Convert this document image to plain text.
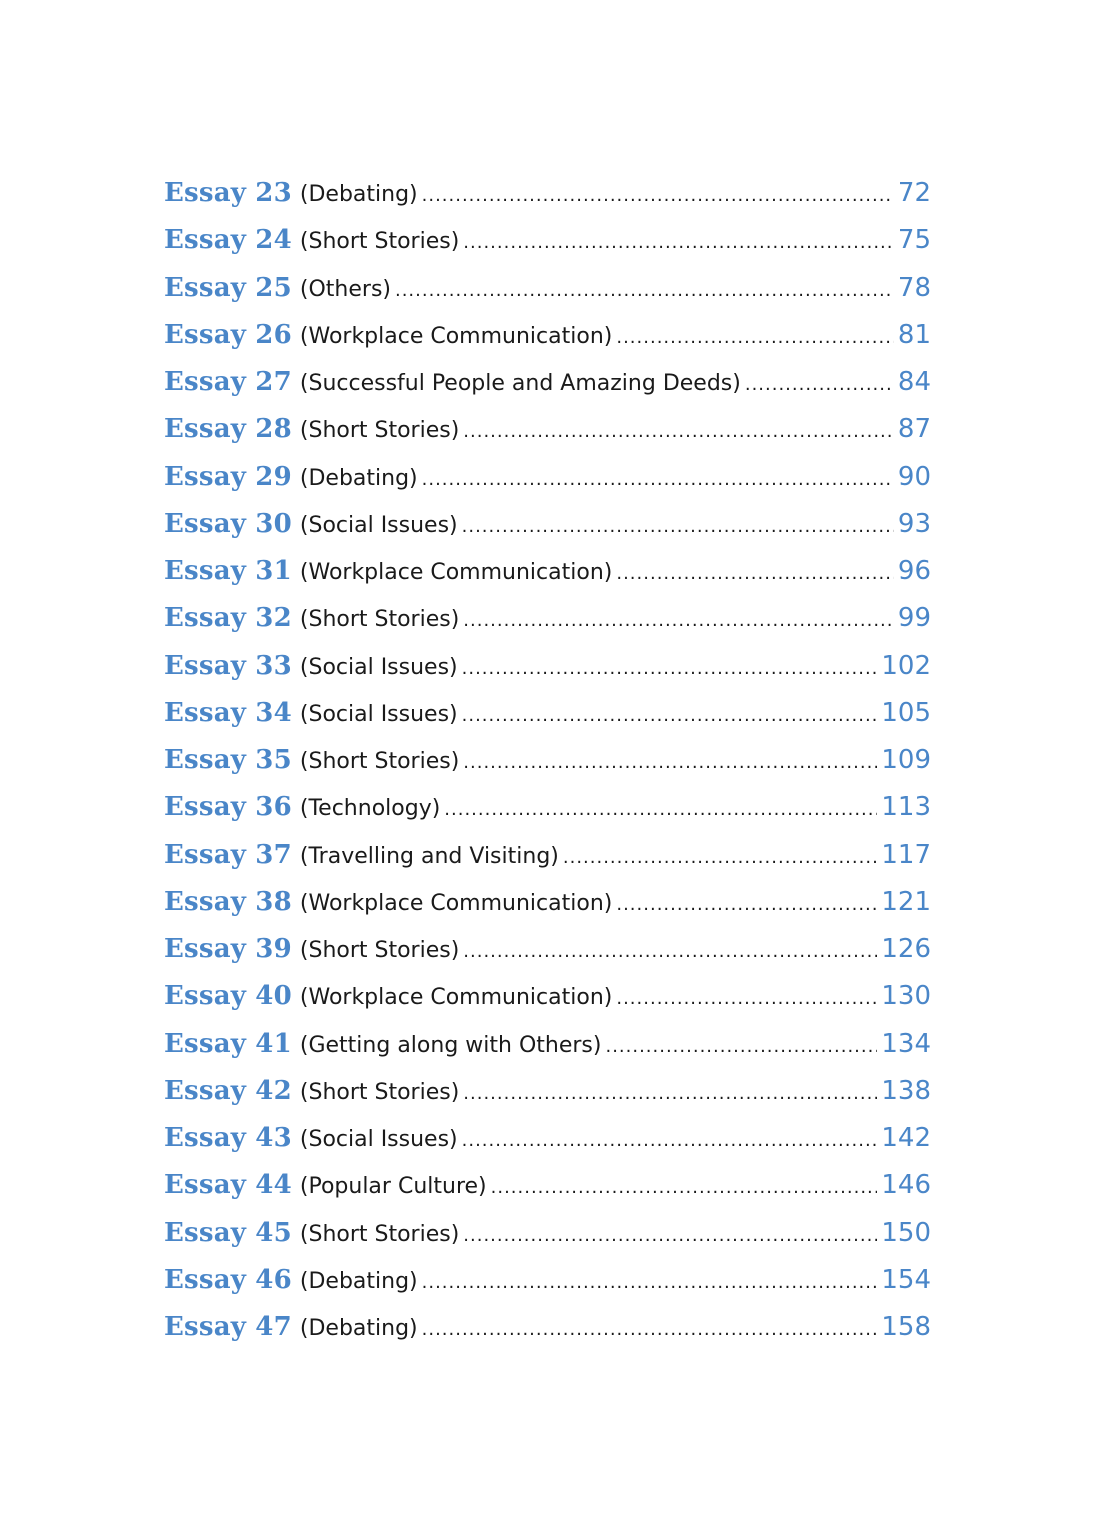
Essay 23 (Debating) .....	72
Essay 24 (Short Stories) .....	75
Essay 25 (Others) .....	78
Essay 26 (Workplace Communication) .....	81
Essay 27 (Successful People and Amazing Deeds) .....	84
Essay 28 (Short Stories) .....	87
Essay 29 (Debating) .....	90
Essay 30 (Social Issues) .....	93
Essay 31 (Workplace Communication) .....	96
Essay 32 (Short Stories) .....	99
Essay 33 (Social Issues) .....	102
Essay 34 (Social Issues) .....	105
Essay 35 (Short Stories) .....	109
Essay 36 (Technology) .....	113
Essay 37 (Travelling and Visiting) .....	117
Essay 38 (Workplace Communication) .....	121
Essay 39 (Short Stories) .....	126
Essay 40 (Workplace Communication) .....	130
Essay 41 (Getting along with Others) .....	134
Essay 42 (Short Stories) .....	138
Essay 43 (Social Issues) .....	142
Essay 44 (Popular Culture) .....	146
Essay 45 (Short Stories) .....	150
Essay 46 (Debating) .....	154
Essay 47 (Debating) .....	158
